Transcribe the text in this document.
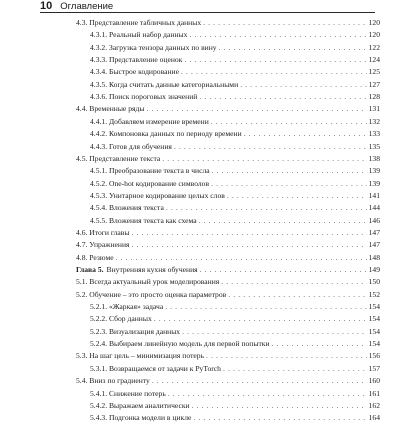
10 Оглавление
4.3. Представление табличных данных . . .	120
4.3.1. Реальный набор данных . . .	120
4.3.2. Загрузка тензора данных по вину . . .	122
4.3.3. Представление оценок . . .	124
4.3.4. Быстрое кодирование . . .	125
4.3.5. Когда считать данные категориальными . . .	127
4.3.6. Поиск пороговых значений . . .	128
4.4. Временные ряды . . .	131
4.4.1. Добавляем измерение времени . . .	132
4.4.2. Компоновка данных по периоду времени . . .	133
4.4.3. Готов для обучения . . .	135
4.5. Представление текста . . .	138
4.5.1. Преобразование текста в числа . . .	139
4.5.2. One-hot кодирование символов . . .	139
4.5.3. Унитарное кодирование целых слов . . .	141
4.5.4. Вложения текста . . .	144
4.5.5. Вложения текста как схема . . .	146
4.6. Итоги главы . . .	147
4.7. Упражнения . . .	147
4.8. Резюме . . .	148
Глава 5. Внутренняя кухня обучения . . .	149
5.1. Всегда актуальный урок моделирования . . .	150
5.2. Обучение – это просто оценка параметров . . .	152
5.2.1. «Жаркая» задача . . .	154
5.2.2. Сбор данных . . .	154
5.2.3. Визуализация данных . . .	154
5.2.4. Выбираем линейную модель для первой попытки . . .	154
5.3. На шаг цель – минимизация потерь . . .	156
5.3.1. Возвращаемся от задачи к PyTorch . . .	157
5.4. Вниз по градиенту . . .	160
5.4.1. Снижение потерь . . .	161
5.4.2. Выражаем аналитически . . .	162
5.4.3. Подгонка модели в цикле . . .	164
